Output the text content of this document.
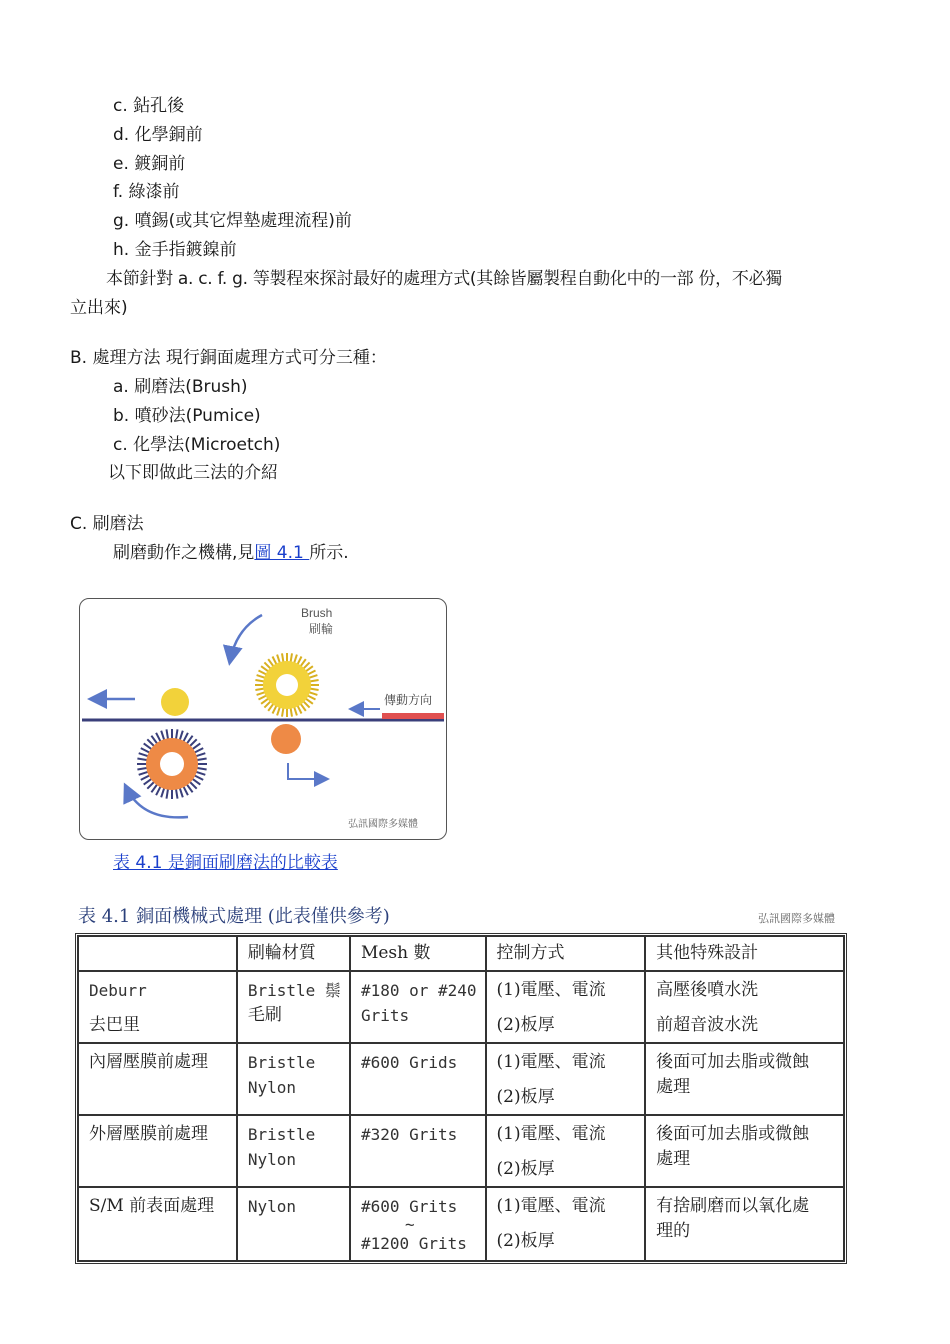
c. 鉆孔後
d. 化學銅前
e. 鍍銅前
f. 綠漆前
g. 噴錫(或其它焊墊處理流程)前
h. 金手指鍍鎳前
本節針對 a. c. f. g. 等製程來探討最好的處理方式(其餘皆屬製程自動化中的一部 份，不必獨
立出來)
B. 處理方法 現行銅面處理方式可分三種：
a. 刷磨法(Brush)
b. 噴砂法(Pumice)
c. 化學法(Microetch)
以下即做此三法的介紹
C. 刷磨法
刷磨動作之機構,見圖 4.1 所示.
Brush
刷輪
傳動方向
弘訊國際多媒體
表 4.1 是銅面刷磨法的比較表
表 4.1 銅面機械式處理 (此表僅供參考)	弘訊國際多媒體
	刷輪材質	Mesh 數	控制方式	其他特殊設計

Deburr
去巴里	Bristle 鬃
毛刷	#180 or #240
Grits	(1)電壓、電流
(2)板厚	高壓後噴水洗
前超音波水洗

內層壓膜前處理	Bristle
Nylon	#600 Grids	(1)電壓、電流
(2)板厚	後面可加去脂或微蝕
處理

外層壓膜前處理	Bristle
Nylon	#320 Grits	(1)電壓、電流
(2)板厚	後面可加去脂或微蝕
處理

S/M 前表面處理	Nylon	#600 Grits
~
#1200 Grits	(1)電壓、電流
(2)板厚	有捨刷磨而以氧化處
理的
